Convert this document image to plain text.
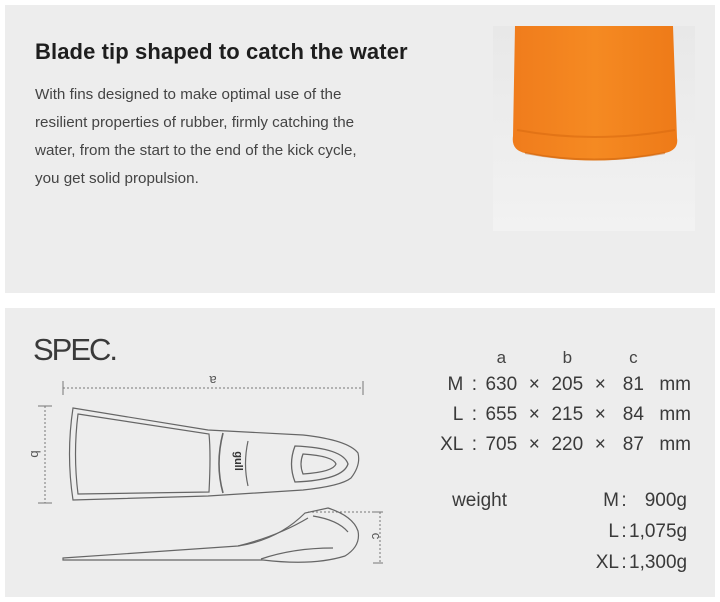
Blade tip shaped to catch the water

With fins designed to make optimal use of the
resilient properties of rubber, firmly catching the
water, from the start to the end of the kick cycle,
you get solid propulsion.

SPEC.
a
b
c
gull
		a		b		c	
M	:	630	×	205	×	81	mm
L	:	655	×	215	×	84	mm
XL	:	705	×	220	×	87	mm
weight	M : 900g
L : 1,075g
XL : 1,300g
